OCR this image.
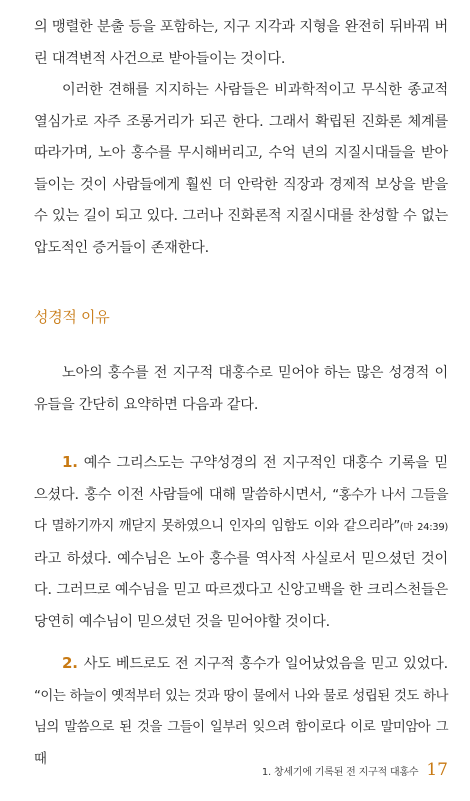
의 맹렬한 분출 등을 포함하는, 지구 지각과 지형을 완전히 뒤바꿔 버린 대격변적 사건으로 받아들이는 것이다.

이러한 견해를 지지하는 사람들은 비과학적이고 무식한 종교적 열심가로 자주 조롱거리가 되곤 한다. 그래서 확립된 진화론 체계를 따라가며, 노아 홍수를 무시해버리고, 수억 년의 지질시대들을 받아들이는 것이 사람들에게 훨씬 더 안락한 직장과 경제적 보상을 받을 수 있는 길이 되고 있다. 그러나 진화론적 지질시대를 찬성할 수 없는 압도적인 증거들이 존재한다.

성경적 이유

노아의 홍수를 전 지구적 대홍수로 믿어야 하는 많은 성경적 이유들을 간단히 요약하면 다음과 같다.

1. 예수 그리스도는 구약성경의 전 지구적인 대홍수 기록을 믿으셨다. 홍수 이전 사람들에 대해 말씀하시면서, “홍수가 나서 그들을 다 멸하기까지 깨닫지 못하였으니 인자의 임함도 이와 같으리라”(마 24:39)라고 하셨다. 예수님은 노아 홍수를 역사적 사실로서 믿으셨던 것이다. 그러므로 예수님을 믿고 따르겠다고 신앙고백을 한 크리스천들은 당연히 예수님이 믿으셨던 것을 믿어야할 것이다.

2. 사도 베드로도 전 지구적 홍수가 일어났었음을 믿고 있었다. “이는 하늘이 옛적부터 있는 것과 땅이 물에서 나와 물로 성립된 것도 하나님의 말씀으로 된 것을 그들이 일부러 잊으려 함이로다 이로 말미암아 그 때

1. 창세기에 기록된 전 지구적 대홍수 17
